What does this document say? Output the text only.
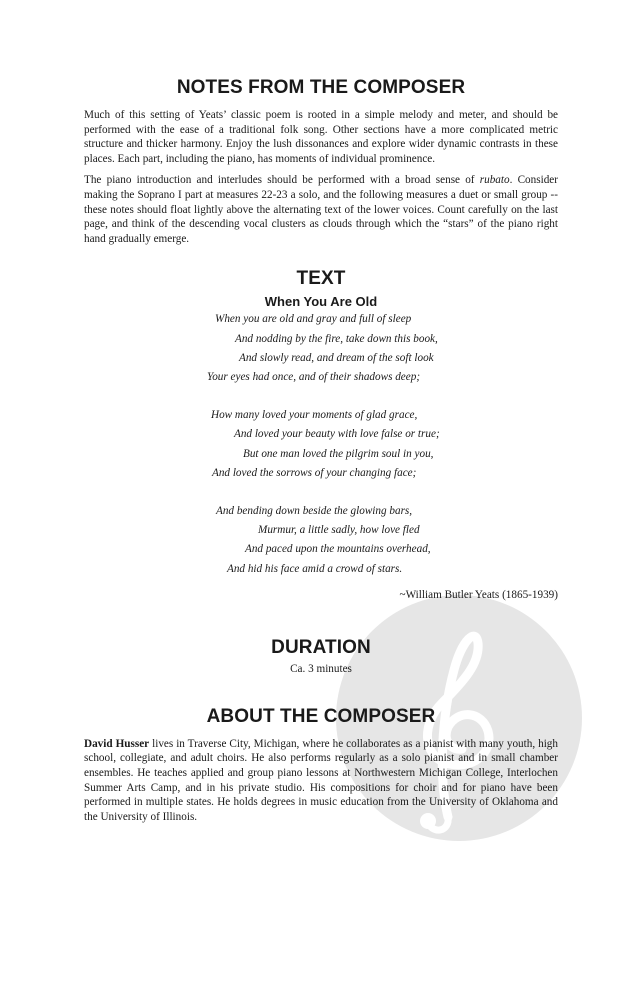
NOTES FROM THE COMPOSER

Much of this setting of Yeats’ classic poem is rooted in a simple melody and meter, and should be performed with the ease of a traditional folk song. Other sections have a more complicated metric structure and thicker harmony. Enjoy the lush dissonances and explore wider dynamic contrasts in these places. Each part, including the piano, has moments of individual prominence.

The piano introduction and interludes should be performed with a broad sense of rubato. Consider making the Soprano I part at measures 22-23 a solo, and the following measures a duet or small group -- these notes should float lightly above the alternating text of the lower voices. Count carefully on the last page, and think of the descending vocal clusters as clouds through which the “stars” of the piano right hand gradually emerge.

TEXT
When You Are Old
When you are old and gray and full of sleep
And nodding by the fire, take down this book,
And slowly read, and dream of the soft look
Your eyes had once, and of their shadows deep;
How many loved your moments of glad grace,
And loved your beauty with love false or true;
But one man loved the pilgrim soul in you,
And loved the sorrows of your changing face;
And bending down beside the glowing bars,
Murmur, a little sadly, how love fled
And paced upon the mountains overhead,
And hid his face amid a crowd of stars.
~William Butler Yeats (1865-1939)
DURATION
Ca. 3 minutes
ABOUT THE COMPOSER

David Husser lives in Traverse City, Michigan, where he collaborates as a pianist with many youth, high school, collegiate, and adult choirs. He also performs regularly as a solo pianist and in small chamber ensembles. He teaches applied and group piano lessons at Northwestern Michigan College, Interlochen Summer Arts Camp, and in his private studio. His compositions for choir and for piano have been performed in multiple states. He holds degrees in music education from the University of Oklahoma and the University of Illinois.
